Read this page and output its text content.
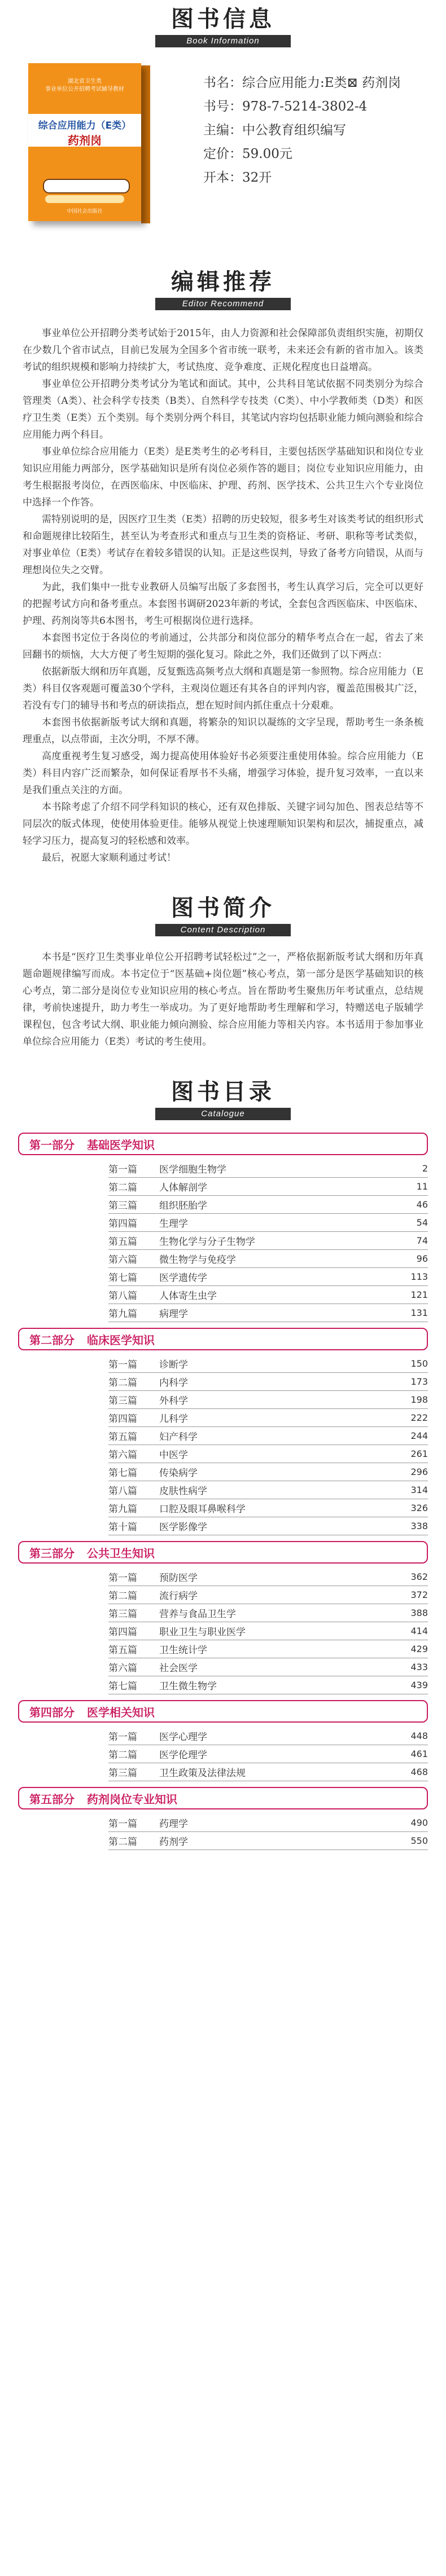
图书信息
Book Information
湖北省卫生类
事业单位公开招聘考试辅导教材
综合应用能力（E类）
药剂岗
中国社会出版社
书名：综合应用能力:E类⊠ 药剂岗
书号：978-7-5214-3802-4
主编：中公教育组织编写
定价：59.00元
开本：32开
编辑推荐
Editor Recommend

事业单位公开招聘分类考试始于2015年，由人力资源和社会保障部负责组织实施，初期仅在少数几个省市试点，目前已发展为全国多个省市统一联考，未来还会有新的省市加入。该类考试的组织规模和影响力持续扩大，考试热度、竞争难度、正规化程度也日益增高。

事业单位公开招聘分类考试分为笔试和面试。其中，公共科目笔试依据不同类别分为综合管理类（A类）、社会科学专技类（B类）、自然科学专技类（C类）、中小学教师类（D类）和医疗卫生类（E类）五个类别。每个类别分两个科目，其笔试内容均包括职业能力倾向测验和综合应用能力两个科目。

事业单位综合应用能力（E类）是E类考生的必考科目，主要包括医学基础知识和岗位专业知识应用能力两部分，医学基础知识是所有岗位必须作答的题目；岗位专业知识应用能力，由考生根据报考岗位，在西医临床、中医临床、护理、药剂、医学技术、公共卫生六个专业岗位中选择一个作答。

需特别说明的是，因医疗卫生类（E类）招聘的历史较短，很多考生对该类考试的组织形式和命题规律比较陌生，甚至认为考查形式和重点与卫生类的资格证、考研、职称等考试类似，对事业单位（E类）考试存在着较多错误的认知。正是这些误判，导致了备考方向错误，从而与理想岗位失之交臂。

为此，我们集中一批专业教研人员编写出版了多套图书，考生认真学习后，完全可以更好的把握考试方向和备考重点。本套图书调研2023年新的考试，全套包含西医临床、中医临床、护理、药剂岗等共6本图书，考生可根据岗位进行选择。

本套图书定位于各岗位的考前通过，公共部分和岗位部分的精华考点合在一起，省去了来回翻书的烦恼，大大方便了考生短期的强化复习。除此之外，我们还做到了以下两点：

依据新版大纲和历年真题，反复甄选高频考点大纲和真题是第一参照物。综合应用能力（E类）科目仅客观题可覆盖30个学科，主观岗位题还有其各自的评判内容，覆盖范围极其广泛，若没有专门的辅导书和考点的研读指点，想在短时间内抓住重点十分艰难。

本套图书依据新版考试大纲和真题，将繁杂的知识以凝练的文字呈现，帮助考生一条条梳理重点，以点带面，主次分明，不厚不薄。

高度重视考生复习感受，竭力提高使用体验好书必须要注重使用体验。综合应用能力（E类）科目内容广泛而繁杂，如何保证看厚书不头痛，增强学习体验，提升复习效率，一直以来是我们重点关注的方面。

本书除考虑了介绍不同学科知识的核心，还有双色排版、关键字词勾加色、图表总结等不同层次的版式体现，使使用体验更佳。能够从视觉上快速理顺知识架构和层次，捕捉重点，减轻学习压力，提高复习的轻松感和效率。

最后，祝愿大家顺利通过考试！

图书简介
Content Description

本书是“医疗卫生类事业单位公开招聘考试轻松过”之一，严格依据新版考试大纲和历年真题命题规律编写而成。本书定位于“医基础+岗位题”核心考点，第一部分是医学基础知识的核心考点，第二部分是岗位专业知识应用的核心考点。旨在帮助考生聚焦历年考试重点，总结规律，考前快速提升，助力考生一举成功。为了更好地帮助考生理解和学习，特赠送电子版辅学课程包，包含考试大纲、职业能力倾向测验、综合应用能力等相关内容。本书适用于参加事业单位综合应用能力（E类）考试的考生使用。

图书目录
Catalogue
第一部分 基础医学知识
第一篇	医学细胞生物学	2
第二篇	人体解剖学	11
第三篇	组织胚胎学	46
第四篇	生理学	54
第五篇	生物化学与分子生物学	74
第六篇	微生物学与免疫学	96
第七篇	医学遗传学	113
第八篇	人体寄生虫学	121
第九篇	病理学	131
第二部分 临床医学知识
第一篇	诊断学	150
第二篇	内科学	173
第三篇	外科学	198
第四篇	儿科学	222
第五篇	妇产科学	244
第六篇	中医学	261
第七篇	传染病学	296
第八篇	皮肤性病学	314
第九篇	口腔及眼耳鼻喉科学	326
第十篇	医学影像学	338
第三部分 公共卫生知识
第一篇	预防医学	362
第二篇	流行病学	372
第三篇	营养与食品卫生学	388
第四篇	职业卫生与职业医学	414
第五篇	卫生统计学	429
第六篇	社会医学	433
第七篇	卫生微生物学	439
第四部分 医学相关知识
第一篇	医学心理学	448
第二篇	医学伦理学	461
第三篇	卫生政策及法律法规	468
第五部分 药剂岗位专业知识
第一篇	药理学	490
第二篇	药剂学	550
